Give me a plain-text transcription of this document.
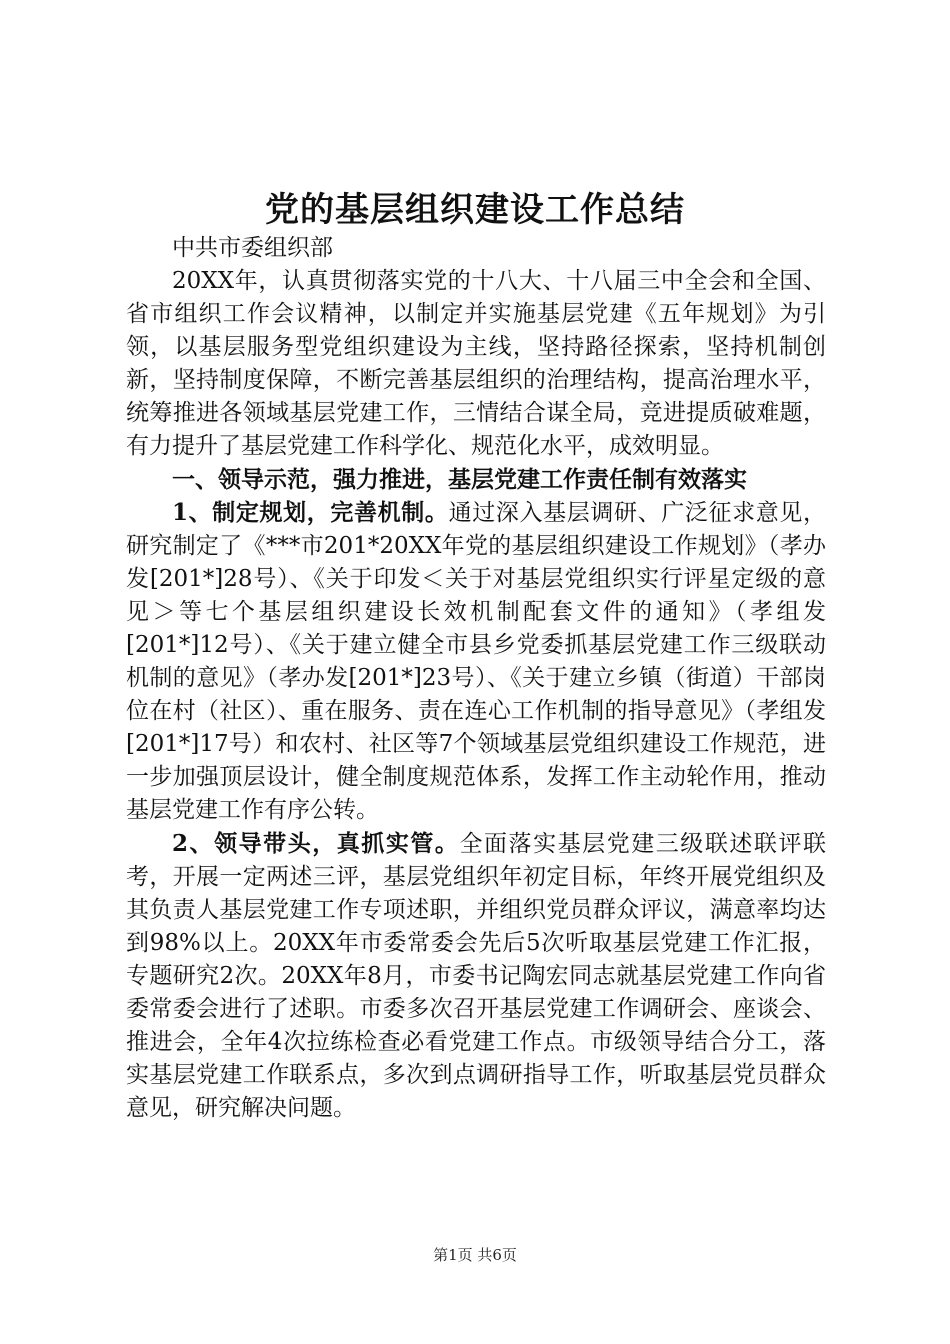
党的基层组织建设工作总结

中共市委组织部

20XX年，认真贯彻落实党的十八大、十八届三中全会和全国、省市组织工作会议精神，以制定并实施基层党建《五年规划》为引领，以基层服务型党组织建设为主线，坚持路径探索，坚持机制创新，坚持制度保障，不断完善基层组织的治理结构，提高治理水平，统筹推进各领域基层党建工作，三情结合谋全局，竞进提质破难题，有力提升了基层党建工作科学化、规范化水平，成效明显。

一、领导示范，强力推进，基层党建工作责任制有效落实

1、制定规划，完善机制。通过深入基层调研、广泛征求意见，研究制定了《***市201*20XX年党的基层组织建设工作规划》（孝办发[201*]28号）、《关于印发＜关于对基层党组织实行评星定级的意见＞等七个基层组织建设长效机制配套文件的通知》（孝组发[201*]12号）、《关于建立健全市县乡党委抓基层党建工作三级联动机制的意见》（孝办发[201*]23号）、《关于建立乡镇（街道）干部岗位在村（社区）、重在服务、责在连心工作机制的指导意见》（孝组发[201*]17号）和农村、社区等7个领域基层党组织建设工作规范，进一步加强顶层设计，健全制度规范体系，发挥工作主动轮作用，推动基层党建工作有序公转。

2、领导带头，真抓实管。全面落实基层党建三级联述联评联考，开展一定两述三评，基层党组织年初定目标，年终开展党组织及其负责人基层党建工作专项述职，并组织党员群众评议，满意率均达到98%以上。20XX年市委常委会先后5次听取基层党建工作汇报，专题研究2次。20XX年8月，市委书记陶宏同志就基层党建工作向省委常委会进行了述职。市委多次召开基层党建工作调研会、座谈会、推进会，全年4次拉练检查必看党建工作点。市级领导结合分工，落实基层党建工作联系点，多次到点调研指导工作，听取基层党员群众意见，研究解决问题。

第1页 共6页
